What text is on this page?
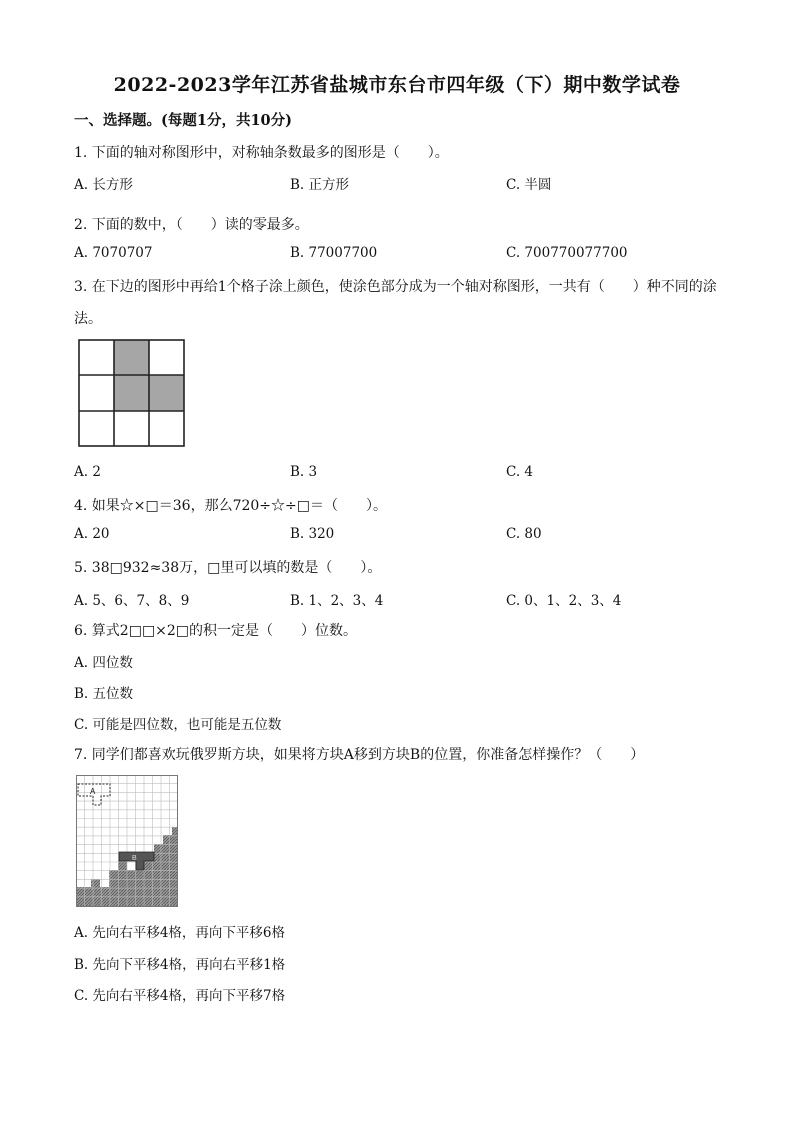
2022-2023学年江苏省盐城市东台市四年级（下）期中数学试卷
一、选择题。(每题1分，共10分)
1. 下面的轴对称图形中，对称轴条数最多的图形是（　　）。
A. 长方形	B. 正方形	C. 半圆
2. 下面的数中，（　　）读的零最多。
A. 7070707	B. 77007700	C. 700770077700
3. 在下边的图形中再给1个格子涂上颜色，使涂色部分成为一个轴对称图形，一共有（　　）种不同的涂
法。
A. 2	B. 3	C. 4
4. 如果☆×□＝36，那么720÷☆÷□＝（　　）。
A. 20	B. 320	C. 80
5. 38□932≈38万，□里可以填的数是（　　）。
A. 5、6、7、8、9	B. 1、2、3、4	C. 0、1、2、3、4
6. 算式2□□×2□的积一定是（　　）位数。
A. 四位数
B. 五位数
C. 可能是四位数，也可能是五位数
7. 同学们都喜欢玩俄罗斯方块，如果将方块A移到方块B的位置，你准备怎样操作？（　　）
A
B
A. 先向右平移4格，再向下平移6格
B. 先向下平移4格，再向右平移1格
C. 先向右平移4格，再向下平移7格
